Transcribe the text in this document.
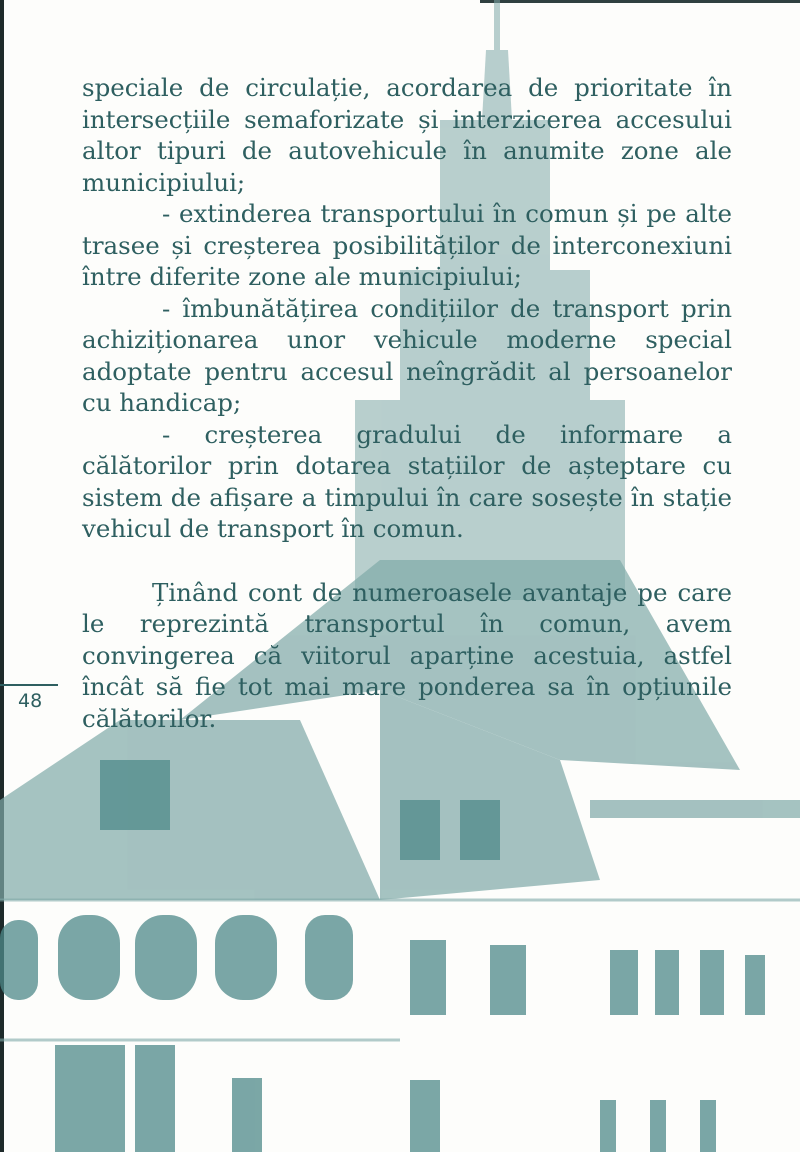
speciale de circulație, acordarea de prioritate în intersecțiile semaforizate și interzicerea accesului altor tipuri de autovehicule în anumite zone ale municipiului;

- extinderea transportului în comun și pe alte trasee și creșterea posibilităților de interconexiuni între diferite zone ale municipiului;

- îmbunătățirea condițiilor de transport prin achiziționarea unor vehicule moderne special adoptate pentru accesul neîngrădit al persoanelor cu handicap;

- creșterea gradului de informare a călătorilor prin dotarea stațiilor de așteptare cu sistem de afișare a timpului în care sosește în stație vehicul de transport în comun.

Ținând cont de numeroasele avantaje pe care le reprezintă transportul în comun, avem convingerea că viitorul aparține acestuia, astfel încât să fie tot mai mare ponderea sa în opțiunile călătorilor.

48
